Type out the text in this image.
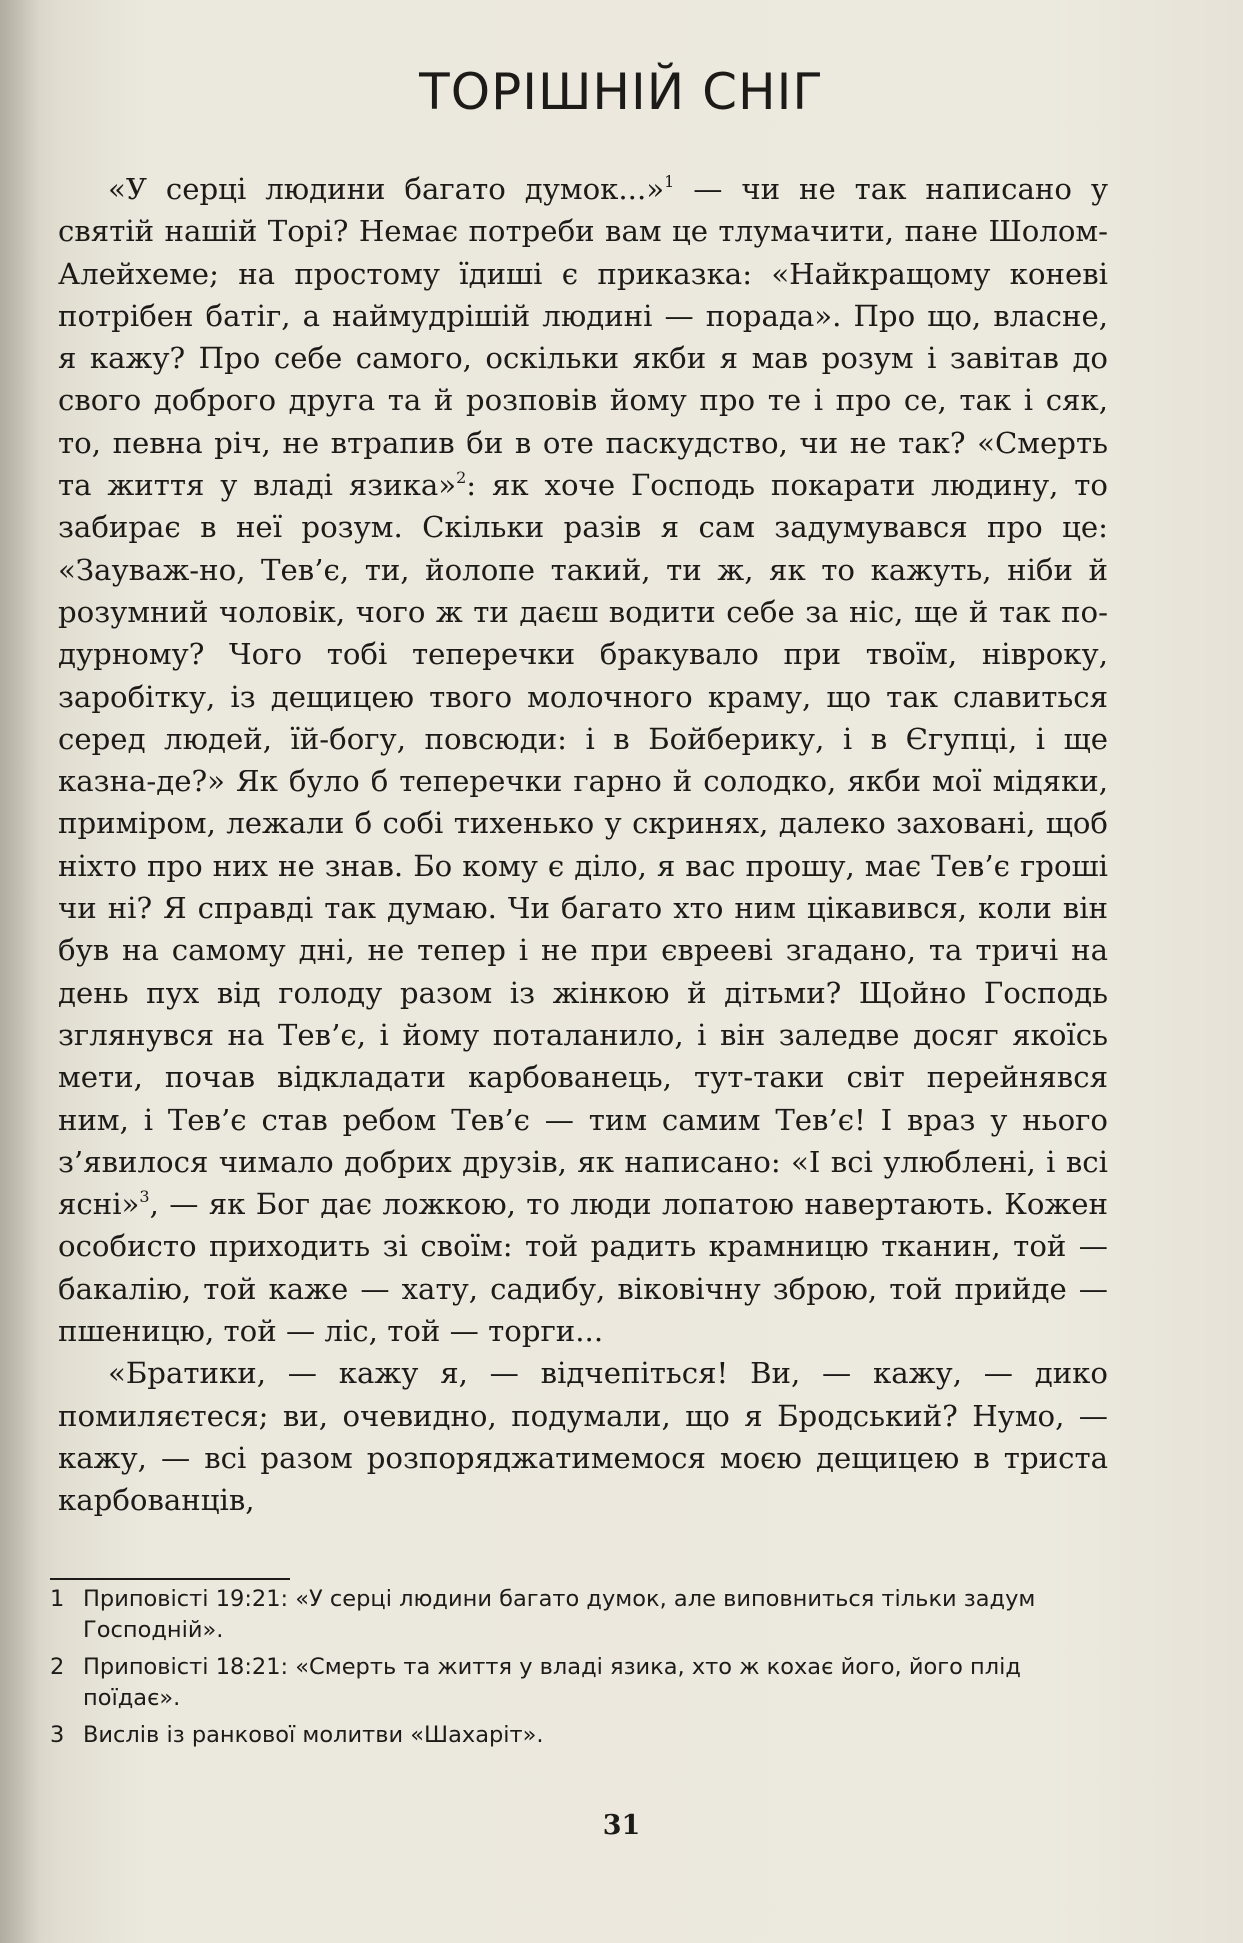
ТОРІШНІЙ СНІГ

«У серці людини багато думок...»$^1$ — чи не так написано у святій нашій Торі? Немає потреби вам це тлумачити, пане Шолом-Алейхеме; на простому їдиші є приказка: «Найкращому коневі потрібен батіг, а наймудрішій людині — порада». Про що, власне, я кажу? Про себе самого, оскільки якби я мав розум і завітав до свого доброго друга та й розповів йому про те і про се, так і сяк, то, певна річ, не втрапив би в оте паскудство, чи не так? «Смерть та життя у владі язика»$^2$: як хоче Господь покарати людину, то забирає в неї розум. Скільки разів я сам задумувався про це: «Зауваж-но, Тев’є, ти, йолопе такий, ти ж, як то кажуть, ніби й розумний чоловік, чого ж ти даєш водити себе за ніс, ще й так по-дурному? Чого тобі теперечки бракувало при твоїм, нівроку, заробітку, із дещицею твого молочного краму, що так славиться серед людей, їй-богу, повсюди: і в Бойберику, і в Єгупці, і ще казна-де?» Як було б теперечки гарно й солодко, якби мої мідяки, приміром, лежали б собі тихенько у скринях, далеко заховані, щоб ніхто про них не знав. Бо кому є діло, я вас прошу, має Тев’є гроші чи ні? Я справді так думаю. Чи багато хто ним цікавився, коли він був на самому дні, не тепер і не при єврееві згадано, та тричі на день пух від голоду разом із жінкою й дітьми? Щойно Господь зглянувся на Тев’є, і йому поталанило, і він заледве досяг якоїсь мети, почав відкладати карбованець, тут-таки світ перейнявся ним, і Тев’є став ребом Тев’є — тим самим Тев’є! І враз у нього з’явилося чимало добрих друзів, як написано: «І всі улюблені, і всі ясні»$^3$, — як Бог дає ложкою, то люди лопатою навертають. Кожен особисто приходить зі своїм: той радить крамницю тканин, той — бакалію, той каже — хату, садибу, віковічну зброю, той прийде — пшеницю, той — ліс, той — торги...

«Братики, — кажу я, — відчепіться! Ви, — кажу, — дико помиляєтеся; ви, очевидно, подумали, що я Бродський? Нумо, — кажу, — всі разом розпоряджатимемося моєю дещицею в триста карбованців,

1 Приповісті 19:21: «У серці людини багато думок, але виповниться тільки задум Господній».
2 Приповісті 18:21: «Смерть та життя у владі язика, хто ж кохає його, його плід поїдає».
3 Вислів із ранкової молитви «Шахаріт».
31
